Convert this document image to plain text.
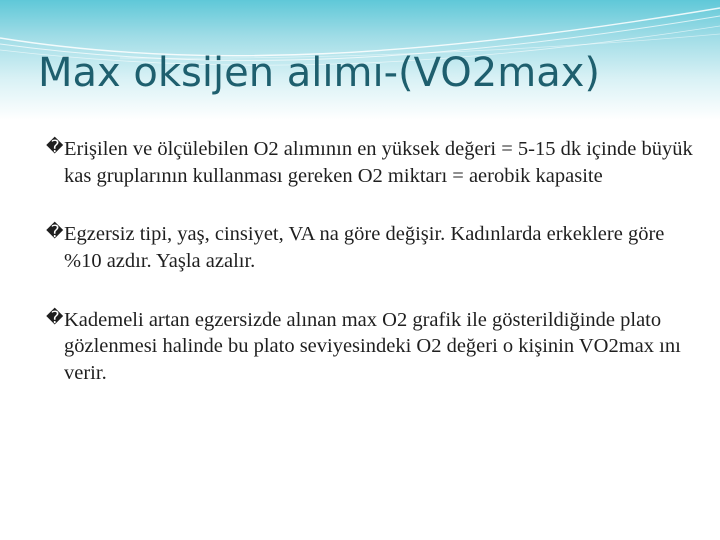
Max oksijen alımı-(VO2max)

� Erişilen ve ölçülebilen O2 alımının en yüksek değeri = 5-15 dk içinde büyük kas gruplarının kullanması gereken O2 miktarı = aerobik kapasite

� Egzersiz tipi, yaş, cinsiyet, VA na göre değişir. Kadınlarda erkeklere göre %10 azdır. Yaşla azalır.

� Kademeli artan egzersizde alınan max O2 grafik ile gösterildiğinde plato gözlenmesi halinde bu plato seviyesindeki O2 değeri o kişinin VO2max ını verir.
